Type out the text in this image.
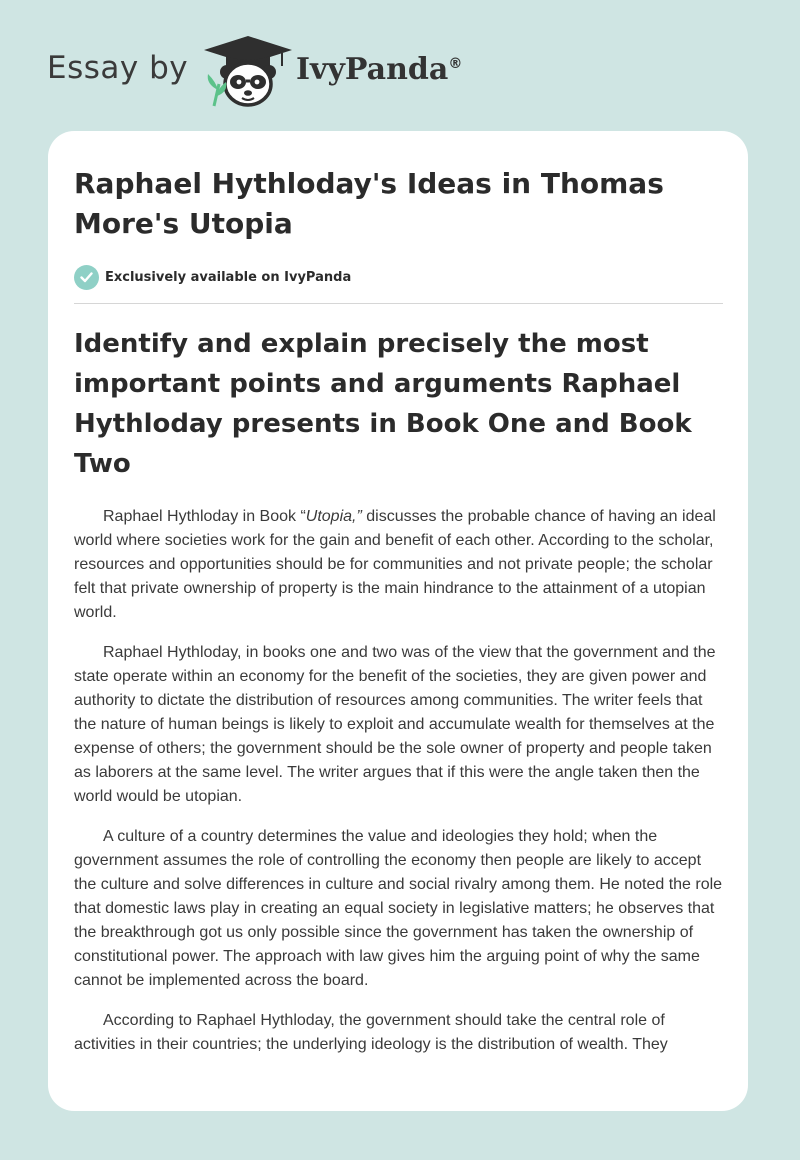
Essay by	IvyPanda®
Raphael Hythloday's Ideas in Thomas More's Utopia
Exclusively available on IvyPanda
Identify and explain precisely the most important points and arguments Raphael Hythloday presents in Book One and Book Two

Raphael Hythloday in Book “Utopia,” discusses the probable chance of having an ideal world where societies work for the gain and benefit of each other. According to the scholar, resources and opportunities should be for communities and not private people; the scholar felt that private ownership of property is the main hindrance to the attainment of a utopian world.

Raphael Hythloday, in books one and two was of the view that the government and the state operate within an economy for the benefit of the societies, they are given power and authority to dictate the distribution of resources among communities. The writer feels that the nature of human beings is likely to exploit and accumulate wealth for themselves at the expense of others; the government should be the sole owner of property and people taken as laborers at the same level. The writer argues that if this were the angle taken then the world would be utopian.

A culture of a country determines the value and ideologies they hold; when the government assumes the role of controlling the economy then people are likely to accept the culture and solve differences in culture and social rivalry among them. He noted the role that domestic laws play in creating an equal society in legislative matters; he observes that the breakthrough got us only possible since the government has taken the ownership of constitutional power. The approach with law gives him the arguing point of why the same cannot be implemented across the board.

According to Raphael Hythloday, the government should take the central role of activities in their countries; the underlying ideology is the distribution of wealth. They
